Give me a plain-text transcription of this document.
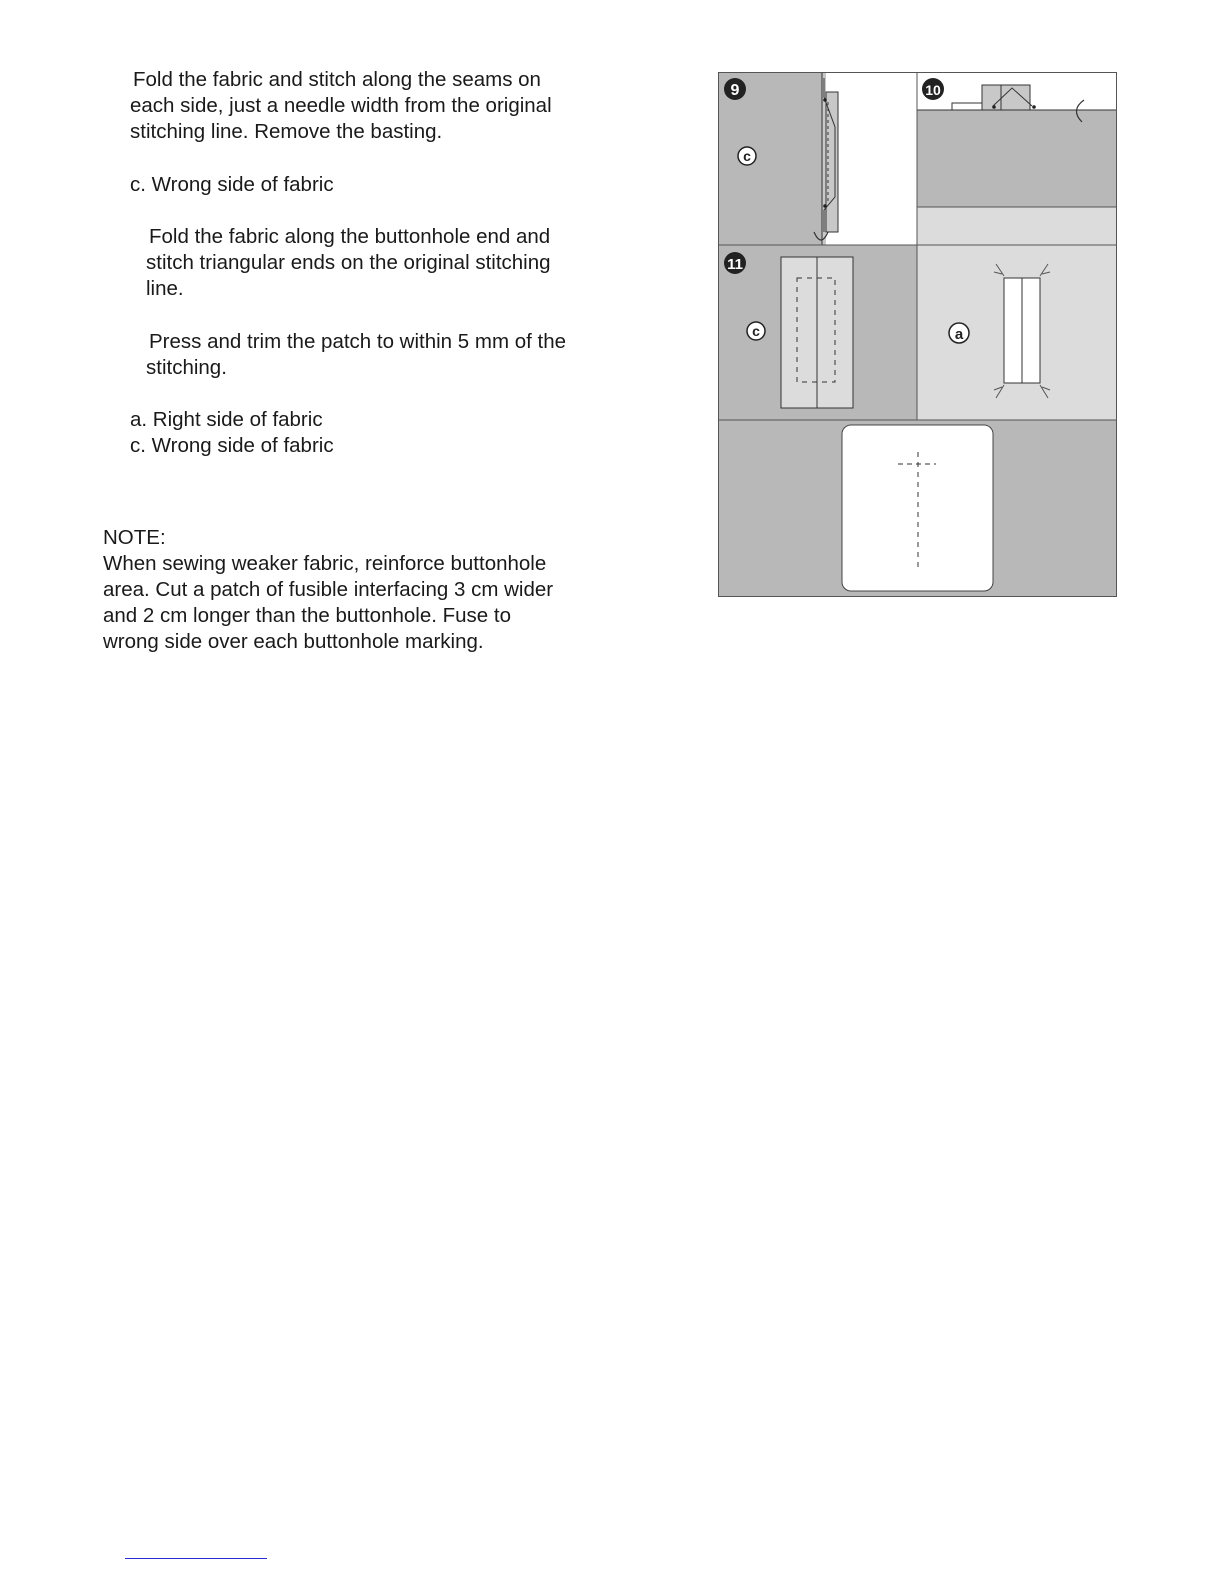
Fold the fabric and stitch along the seams on

each side, just a needle width from the original

stitching line. Remove the basting.

c. Wrong side of fabric

Fold the fabric along the buttonhole end and

stitch triangular ends on the original stitching

line.

Press and trim the patch to within 5 mm of the

stitching.

a. Right side of fabric

c. Wrong side of fabric

NOTE:

When sewing weaker fabric, reinforce buttonhole

area. Cut a patch of fusible interfacing 3 cm wider

and 2 cm longer than the buttonhole. Fuse to

wrong side over each buttonhole marking.

9
c
10
11
c	a
